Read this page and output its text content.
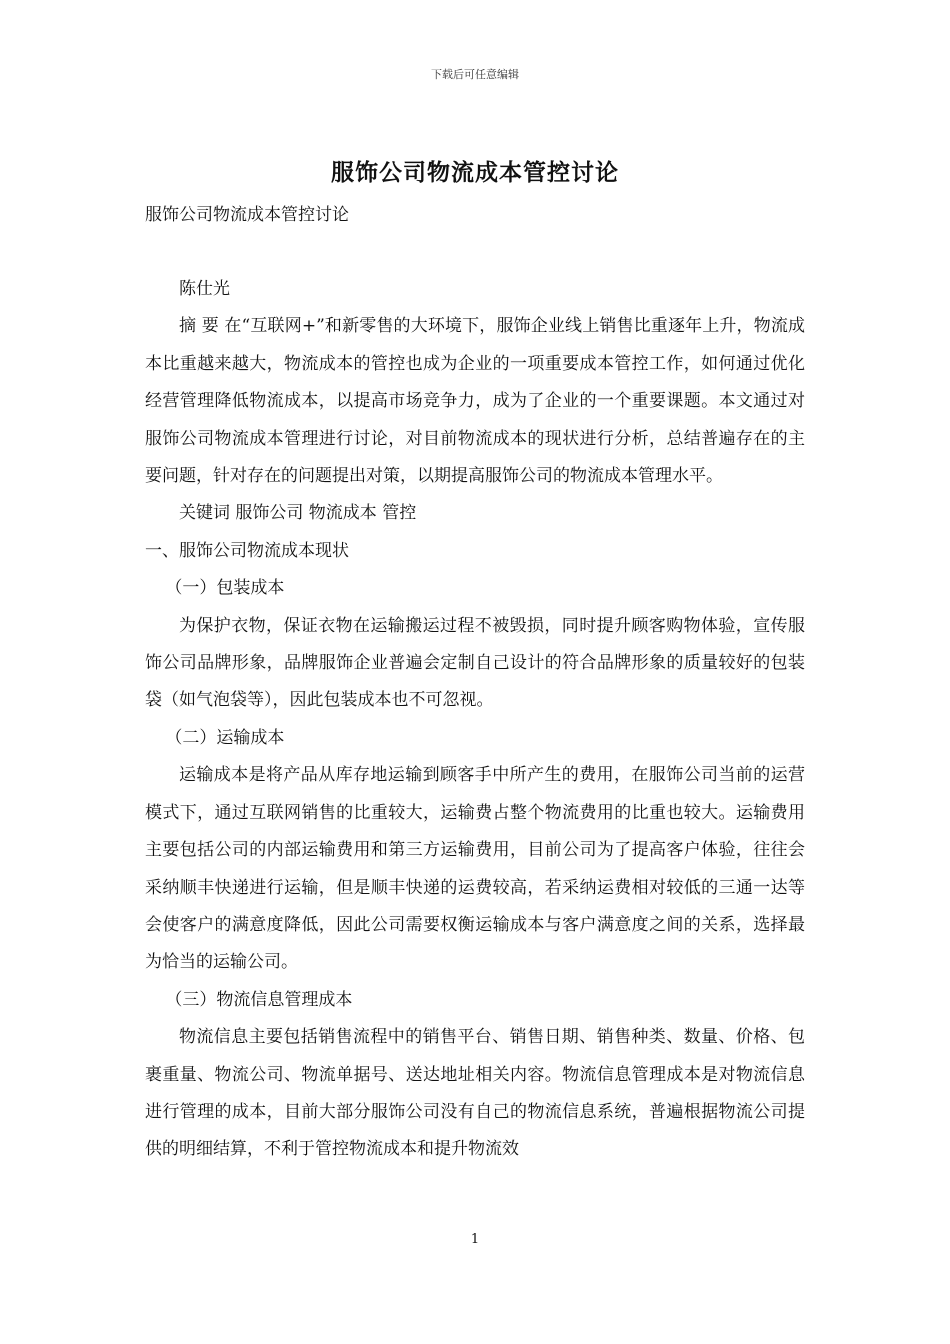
下载后可任意编辑
服饰公司物流成本管控讨论
服饰公司物流成本管控讨论

陈仕光

摘 要 在“互联网+”和新零售的大环境下，服饰企业线上销售比重逐年上升，物流成本比重越来越大，物流成本的管控也成为企业的一项重要成本管控工作，如何通过优化经营管理降低物流成本，以提高市场竞争力，成为了企业的一个重要课题。本文通过对服饰公司物流成本管理进行讨论，对目前物流成本的现状进行分析，总结普遍存在的主要问题，针对存在的问题提出对策，以期提高服饰公司的物流成本管理水平。

关键词 服饰公司 物流成本 管控

一、服饰公司物流成本现状

（一）包装成本

为保护衣物，保证衣物在运输搬运过程不被毁损，同时提升顾客购物体验，宣传服饰公司品牌形象，品牌服饰企业普遍会定制自己设计的符合品牌形象的质量较好的包装袋（如气泡袋等），因此包装成本也不可忽视。

（二）运输成本

运输成本是将产品从库存地运输到顾客手中所产生的费用，在服饰公司当前的运营模式下，通过互联网销售的比重较大，运输费占整个物流费用的比重也较大。运输费用主要包括公司的内部运输费用和第三方运输费用，目前公司为了提高客户体验，往往会采纳顺丰快递进行运输，但是顺丰快递的运费较高，若采纳运费相对较低的三通一达等会使客户的满意度降低，因此公司需要权衡运输成本与客户满意度之间的关系，选择最为恰当的运输公司。

（三）物流信息管理成本

物流信息主要包括销售流程中的销售平台、销售日期、销售种类、数量、价格、包裹重量、物流公司、物流单据号、送达地址相关内容。物流信息管理成本是对物流信息进行管理的成本，目前大部分服饰公司没有自己的物流信息系统，普遍根据物流公司提供的明细结算，不利于管控物流成本和提升物流效

1
